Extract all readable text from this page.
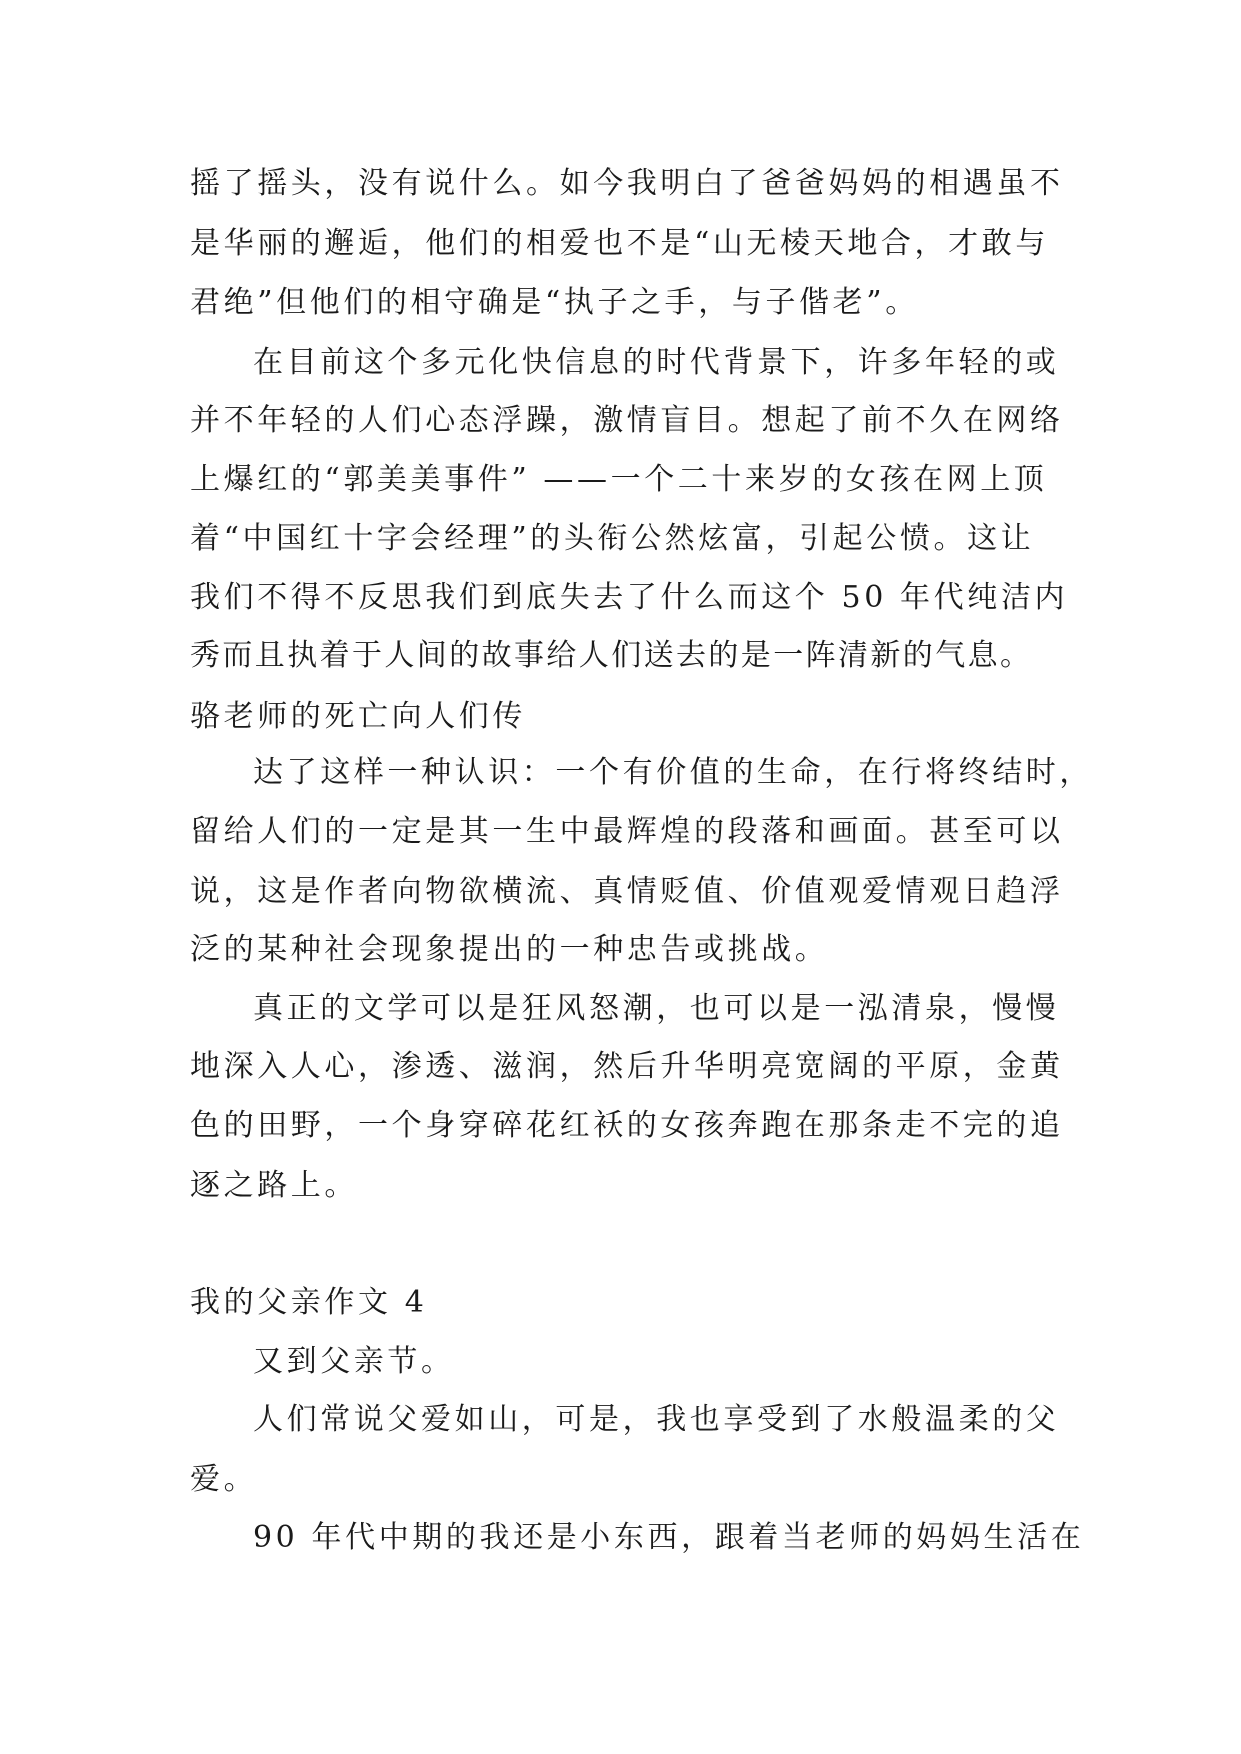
摇了摇头，没有说什么。如今我明白了爸爸妈妈的相遇虽不
是华丽的邂逅，他们的相爱也不是“山无棱天地合，才敢与
君绝”但他们的相守确是“执子之手，与子偕老”。
在目前这个多元化快信息的时代背景下，许多年轻的或
并不年轻的人们心态浮躁，激情盲目。想起了前不久在网络
上爆红的“郭美美事件” ——一个二十来岁的女孩在网上顶
着“中国红十字会经理”的头衔公然炫富，引起公愤。这让
我们不得不反思我们到底失去了什么而这个 50 年代纯洁内
秀而且执着于人间的故事给人们送去的是一阵清新的气息。
骆老师的死亡向人们传
达了这样一种认识：一个有价值的生命，在行将终结时，
留给人们的一定是其一生中最辉煌的段落和画面。甚至可以
说，这是作者向物欲横流、真情贬值、价值观爱情观日趋浮
泛的某种社会现象提出的一种忠告或挑战。
真正的文学可以是狂风怒潮，也可以是一泓清泉，慢慢
地深入人心，渗透、滋润，然后升华明亮宽阔的平原，金黄
色的田野，一个身穿碎花红袄的女孩奔跑在那条走不完的追
逐之路上。
我的父亲作文 4
又到父亲节。
人们常说父爱如山，可是，我也享受到了水般温柔的父
爱。
90 年代中期的我还是小东西，跟着当老师的妈妈生活在
